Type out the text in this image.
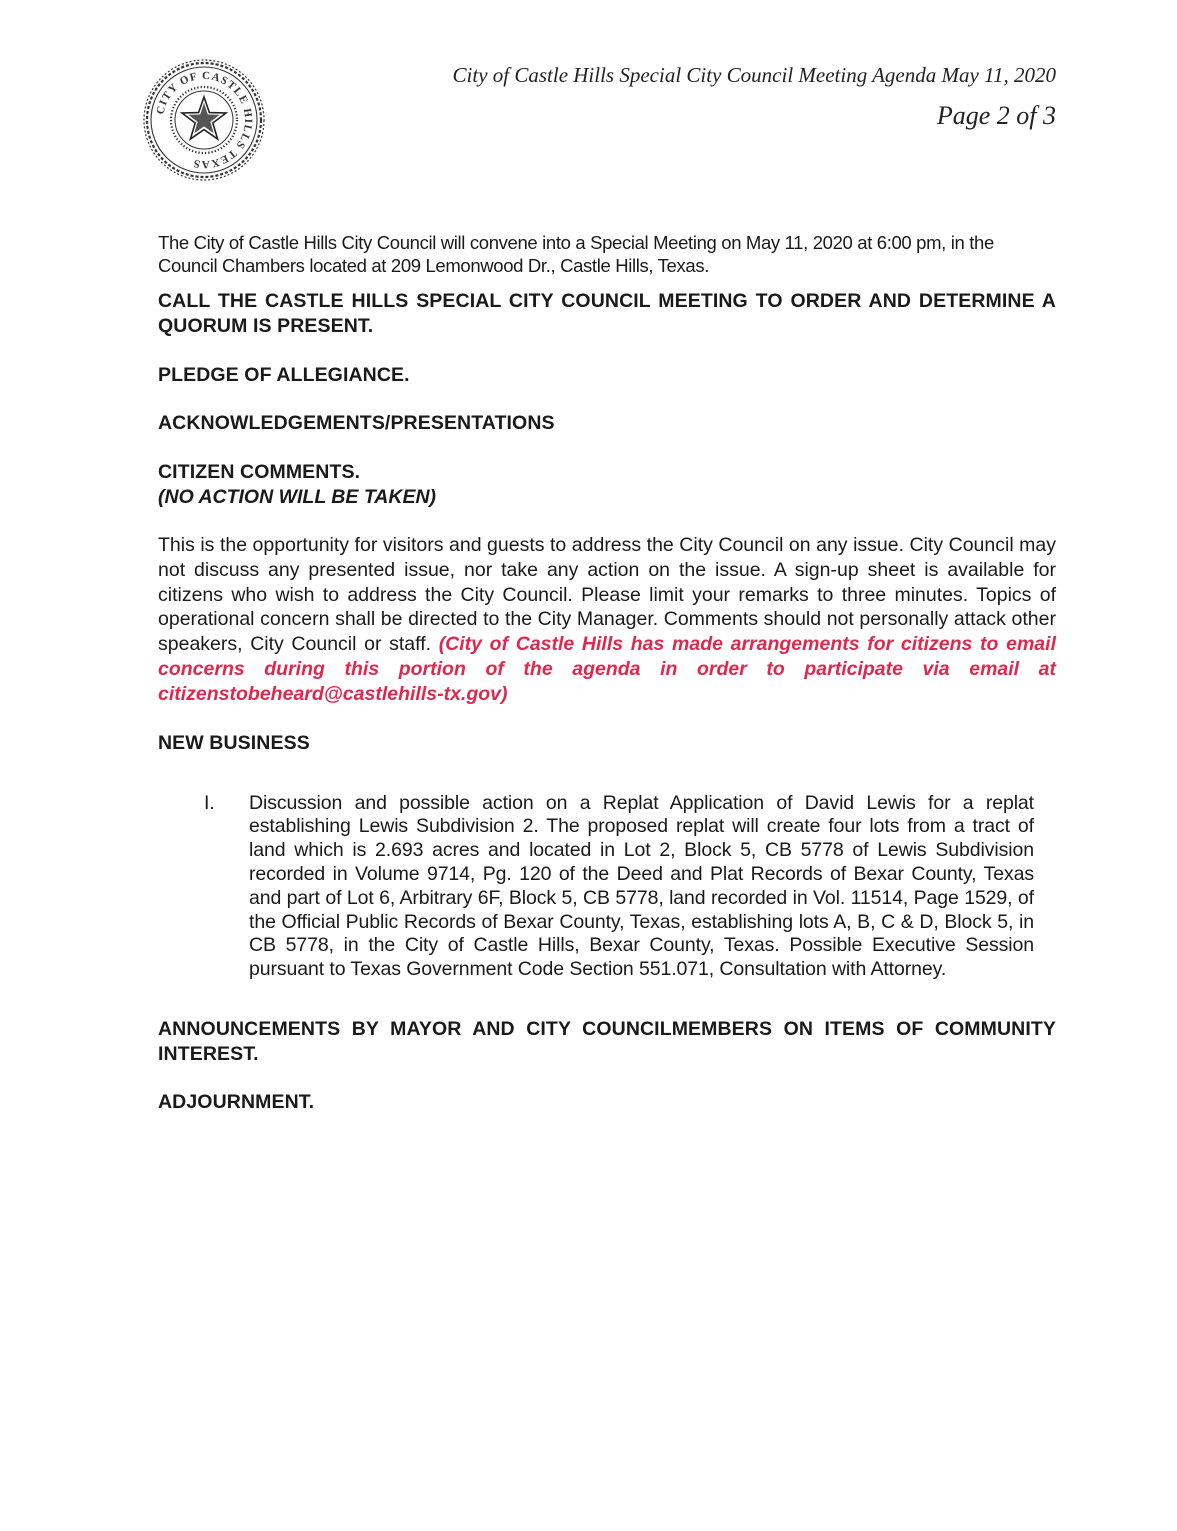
CITY OF CASTLE HILLS TEXAS
City of Castle Hills Special City Council Meeting Agenda May 11, 2020
Page 2 of 3

The City of Castle Hills City Council will convene into a Special Meeting on May 11, 2020 at 6:00 pm, in the Council Chambers located at 209 Lemonwood Dr., Castle Hills, Texas.

CALL THE CASTLE HILLS SPECIAL CITY COUNCIL MEETING TO ORDER AND DETERMINE A QUORUM IS PRESENT.

PLEDGE OF ALLEGIANCE.

ACKNOWLEDGEMENTS/PRESENTATIONS

CITIZEN COMMENTS.

(NO ACTION WILL BE TAKEN)

This is the opportunity for visitors and guests to address the City Council on any issue. City Council may not discuss any presented issue, nor take any action on the issue. A sign-up sheet is available for citizens who wish to address the City Council. Please limit your remarks to three minutes. Topics of operational concern shall be directed to the City Manager. Comments should not personally attack other speakers, City Council or staff. (City of Castle Hills has made arrangements for citizens to email concerns during this portion of the agenda in order to participate via email at citizenstobeheard@castlehills-tx.gov)

NEW BUSINESS

I.	Discussion and possible action on a Replat Application of David Lewis for a replat establishing Lewis Subdivision 2. The proposed replat will create four lots from a tract of land which is 2.693 acres and located in Lot 2, Block 5, CB 5778 of Lewis Subdivision recorded in Volume 9714, Pg. 120 of the Deed and Plat Records of Bexar County, Texas and part of Lot 6, Arbitrary 6F, Block 5, CB 5778, land recorded in Vol. 11514, Page 1529, of the Official Public Records of Bexar County, Texas, establishing lots A, B, C & D, Block 5, in CB 5778, in the City of Castle Hills, Bexar County, Texas. Possible Executive Session pursuant to Texas Government Code Section 551.071, Consultation with Attorney.

ANNOUNCEMENTS BY MAYOR AND CITY COUNCILMEMBERS ON ITEMS OF COMMUNITY INTEREST.

ADJOURNMENT.
